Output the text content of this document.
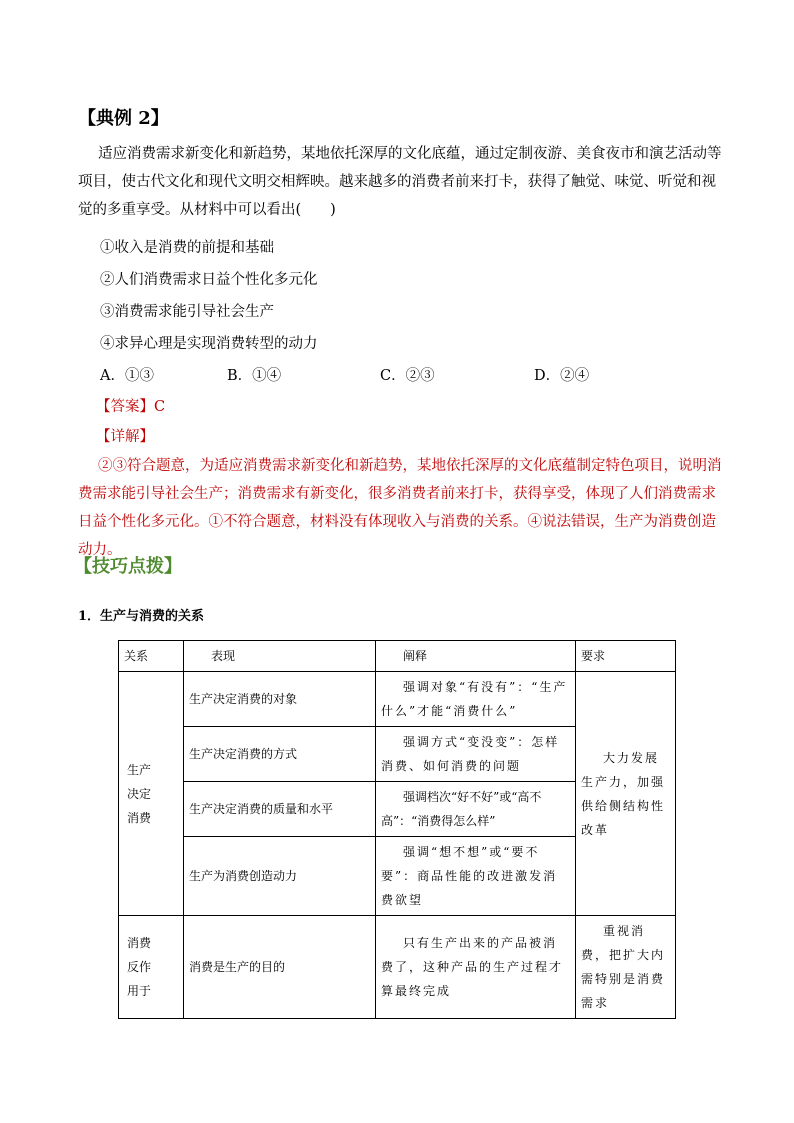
【典例 2】
适应消费需求新变化和新趋势，某地依托深厚的文化底蕴，通过定制夜游、美食夜市和演艺活动等项目，使古代文化和现代文明交相辉映。越来越多的消费者前来打卡，获得了触觉、味觉、听觉和视觉的多重享受。从材料中可以看出(　　)
①收入是消费的前提和基础
②人们消费需求日益个性化多元化
③消费需求能引导社会生产
④求异心理是实现消费转型的动力
A．①③	B．①④	C．②③	D．②④
【答案】C
【详解】
②③符合题意，为适应消费需求新变化和新趋势，某地依托深厚的文化底蕴制定特色项目，说明消费需求能引导社会生产；消费需求有新变化，很多消费者前来打卡，获得享受，体现了人们消费需求日益个性化多元化。①不符合题意，材料没有体现收入与消费的关系。④说法错误，生产为消费创造动力。
【技巧点拨】
1．生产与消费的关系
关系	表现	阐释	要求
生产决定消费	生产决定消费的对象	强调对象“有没有”：“生产什么”才能“消费什么”	大力发展生产力，加强供给侧结构性改革
	生产决定消费的方式	强调方式“变没变”：怎样消费、如何消费的问题	
	生产决定消费的质量和水平	强调档次“好不好”或“高不高”：“消费得怎么样”	
	生产为消费创造动力	强调“想不想”或“要不要”：商品性能的改进激发消费欲望	
消费反作用于	消费是生产的目的	只有生产出来的产品被消费了，这种产品的生产过程才算最终完成	重视消费，把扩大内需特别是消费需求
